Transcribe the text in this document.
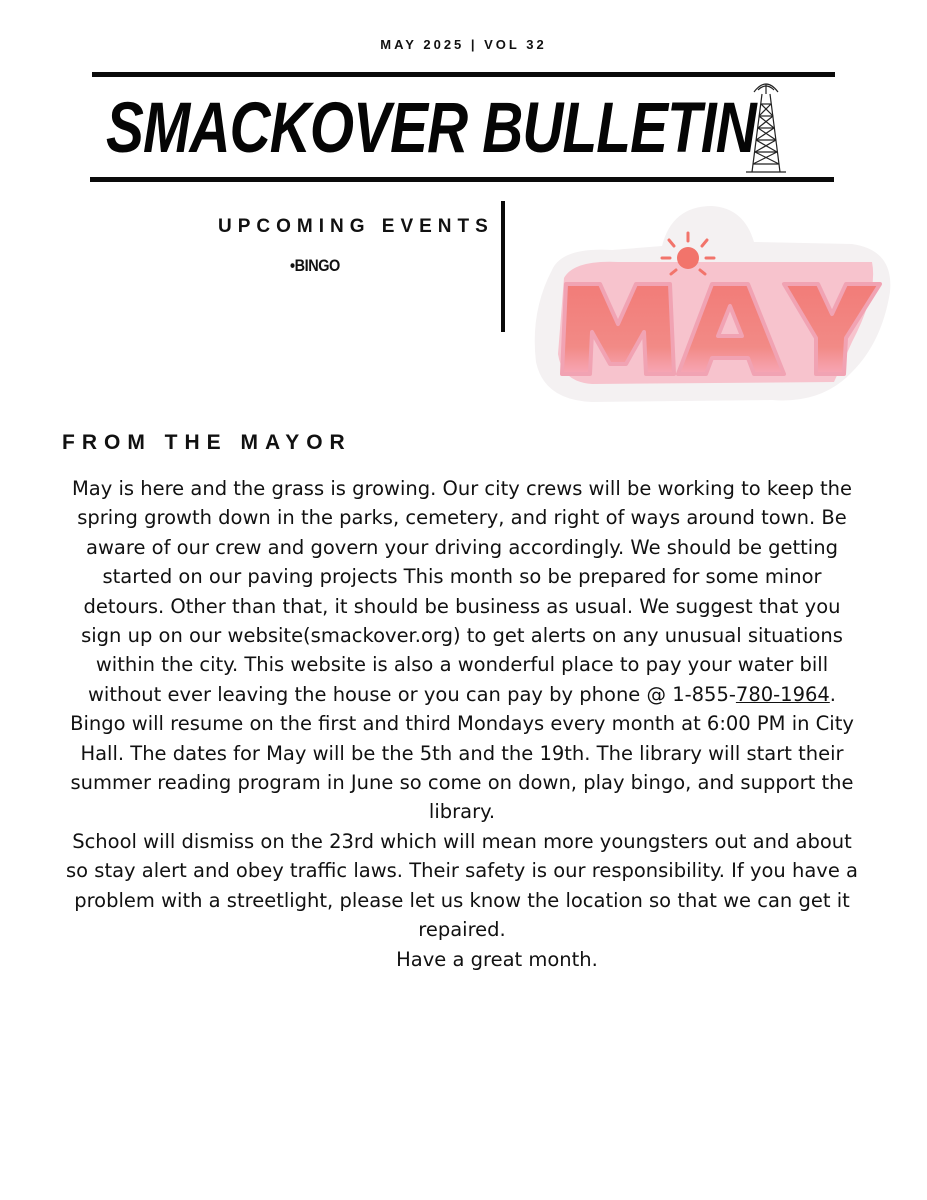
MAY 2025 | VOL 32
SMACKOVER BULLETIN
UPCOMING EVENTS
•BINGO
FROM THE MAYOR

May is here and the grass is growing. Our city crews will be working to keep the spring growth down in the parks, cemetery, and right of ways around town. Be aware of our crew and govern your driving accordingly. We should be getting started on our paving projects This month so be prepared for some minor detours. Other than that, it should be business as usual. We suggest that you sign up on our website(smackover.org) to get alerts on any unusual situations within the city. This website is also a wonderful place to pay your water bill without ever leaving the house or you can pay by phone @ 1-855-780-1964.

Bingo will resume on the first and third Mondays every month at 6:00 PM in City Hall. The dates for May will be the 5th and the 19th. The library will start their summer reading program in June so come on down, play bingo, and support the library.

School will dismiss on the 23rd which will mean more youngsters out and about so stay alert and obey traffic laws. Their safety is our responsibility. If you have a problem with a streetlight, please let us know the location so that we can get it repaired.

Have a great month.
